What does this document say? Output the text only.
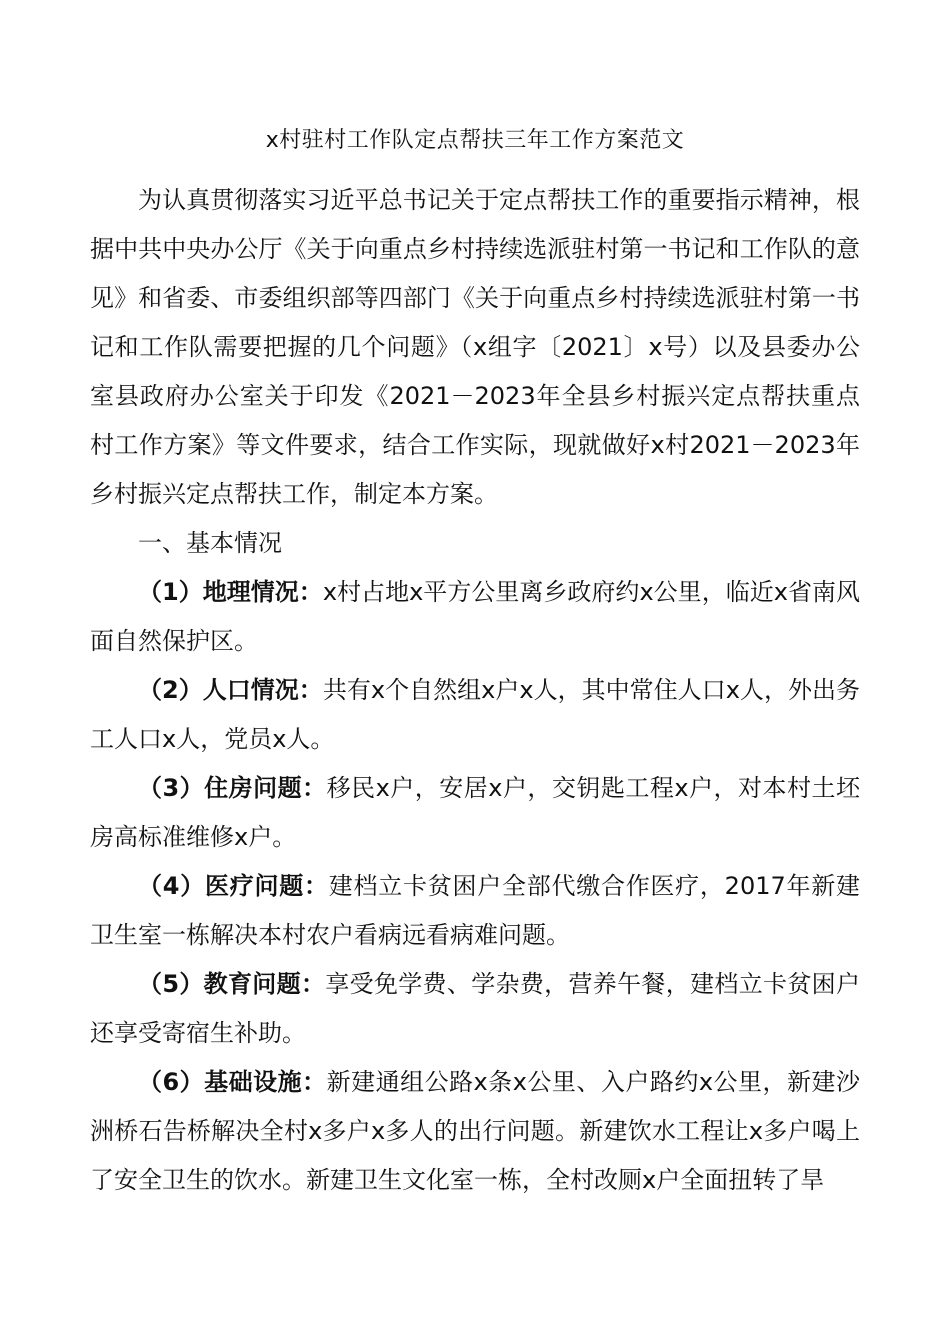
x村驻村工作队定点帮扶三年工作方案范文

为认真贯彻落实习近平总书记关于定点帮扶工作的重要指示精神，根据中共中央办公厅《关于向重点乡村持续选派驻村第一书记和工作队的意见》和省委、市委组织部等四部门《关于向重点乡村持续选派驻村第一书记和工作队需要把握的几个问题》（x组字〔2021〕x号）以及县委办公室县政府办公室关于印发《2021－2023年全县乡村振兴定点帮扶重点村工作方案》等文件要求，结合工作实际，现就做好x村2021－2023年乡村振兴定点帮扶工作，制定本方案。

一、基本情况

（1）地理情况：x村占地x平方公里离乡政府约x公里，临近x省南风面自然保护区。

（2）人口情况：共有x个自然组x户x人，其中常住人口x人，外出务工人口x人，党员x人。

（3）住房问题：移民x户，安居x户，交钥匙工程x户，对本村土坯房高标准维修x户。

（4）医疗问题：建档立卡贫困户全部代缴合作医疗，2017年新建卫生室一栋解决本村农户看病远看病难问题。

（5）教育问题：享受免学费、学杂费，营养午餐，建档立卡贫困户还享受寄宿生补助。

（6）基础设施：新建通组公路x条x公里、入户路约x公里，新建沙洲桥石告桥解决全村x多户x多人的出行问题。新建饮水工程让x多户喝上了安全卫生的饮水。新建卫生文化室一栋，全村改厕x户全面扭转了旱
